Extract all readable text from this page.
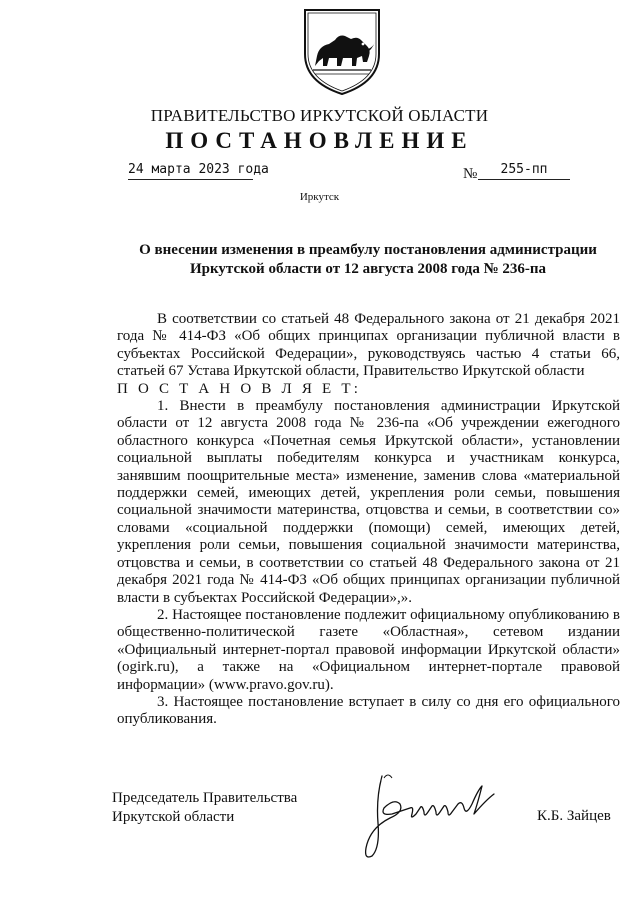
ПРАВИТЕЛЬСТВО ИРКУТСКОЙ ОБЛАСТИ
ПОСТАНОВЛЕНИЕ
24 марта 2023 года	№	255-пп
Иркутск
О внесении изменения в преамбулу постановления администрации
Иркутской области от 12 августа 2008 года № 236-па

В соответствии со статьей 48 Федерального закона от 21 декабря 2021 года № 414-ФЗ «Об общих принципах организации публичной власти в субъектах Российской Федерации», руководствуясь частью 4 статьи 66, статьей 67 Устава Иркутской области, Правительство Иркутской области

П О С Т А Н О В Л Я Е Т:

1. Внести в преамбулу постановления администрации Иркутской области от 12 августа 2008 года № 236-па «Об учреждении ежегодного областного конкурса «Почетная семья Иркутской области», установлении социальной выплаты победителям конкурса и участникам конкурса, занявшим поощрительные места» изменение, заменив слова «материальной поддержки семей, имеющих детей, укрепления роли семьи, повышения социальной значимости материнства, отцовства и семьи, в соответствии со» словами «социальной поддержки (помощи) семей, имеющих детей, укрепления роли семьи, повышения социальной значимости материнства, отцовства и семьи, в соответствии со статьей 48 Федерального закона от 21 декабря 2021 года № 414-ФЗ «Об общих принципах организации публичной власти в субъектах Российской Федерации»,».

2. Настоящее постановление подлежит официальному опубликованию в общественно-политической газете «Областная», сетевом издании «Официальный интернет-портал правовой информации Иркутской области» (ogirk.ru), а также на «Официальном интернет-портале правовой информации» (www.pravo.gov.ru).

3. Настоящее постановление вступает в силу со дня его официального опубликования.

Председатель Правительства
Иркутской области	К.Б. Зайцев
